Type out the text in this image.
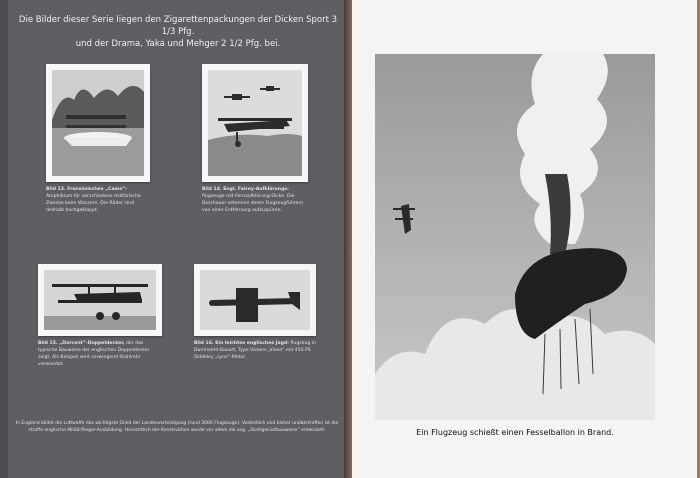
Die Bilder dieser Serie liegen den Zigarettenpackungen der Dicken Sport 3 1/3 Pfg.
und der Drama, Yaka und Mehger 2 1/2 Pfg. bei.
Bild 13. Französisches „Cams“- Amphibium für verschiedene militärische Zwecke beim Wassern. Die Räder sind deshalb hochgeklappt.
Bild 14. Engl. Fairey-Aufklärungs- flugzeuge mit Fernaufklärung-Dicke. Die Beschauer erkennen deren Flugzeugführern von einer Entfernung aufzuspüren.
Bild 15. „Dorcent“-Doppeldecker, der das typische Bauweise der englischen Doppeldecker zeigt. Als Beispiel wird vorwiegend Stahlrohr verwendet.
Bild 16. Ein leichtes englisches Jagd- flugzeug in Darnholmt-Bauart, Type Vickers „Vixen“ mit 450 PS Siddeley „Lynx“-Motor.
In England bildet die Luftwaffe das wichtigste Glied der Landesverteidigung (rund 3000 Flugzeuge). Vorbildlich und bisher unübertroffen ist die straffe englische Militärflieger-Ausbildung. Hinsichtlich der Konstruktion wurde vor allem die sog. „Stahlgerüstbauweise“ entwickelt.	Ein Flugzeug schießt einen Fesselballon in Brand.
